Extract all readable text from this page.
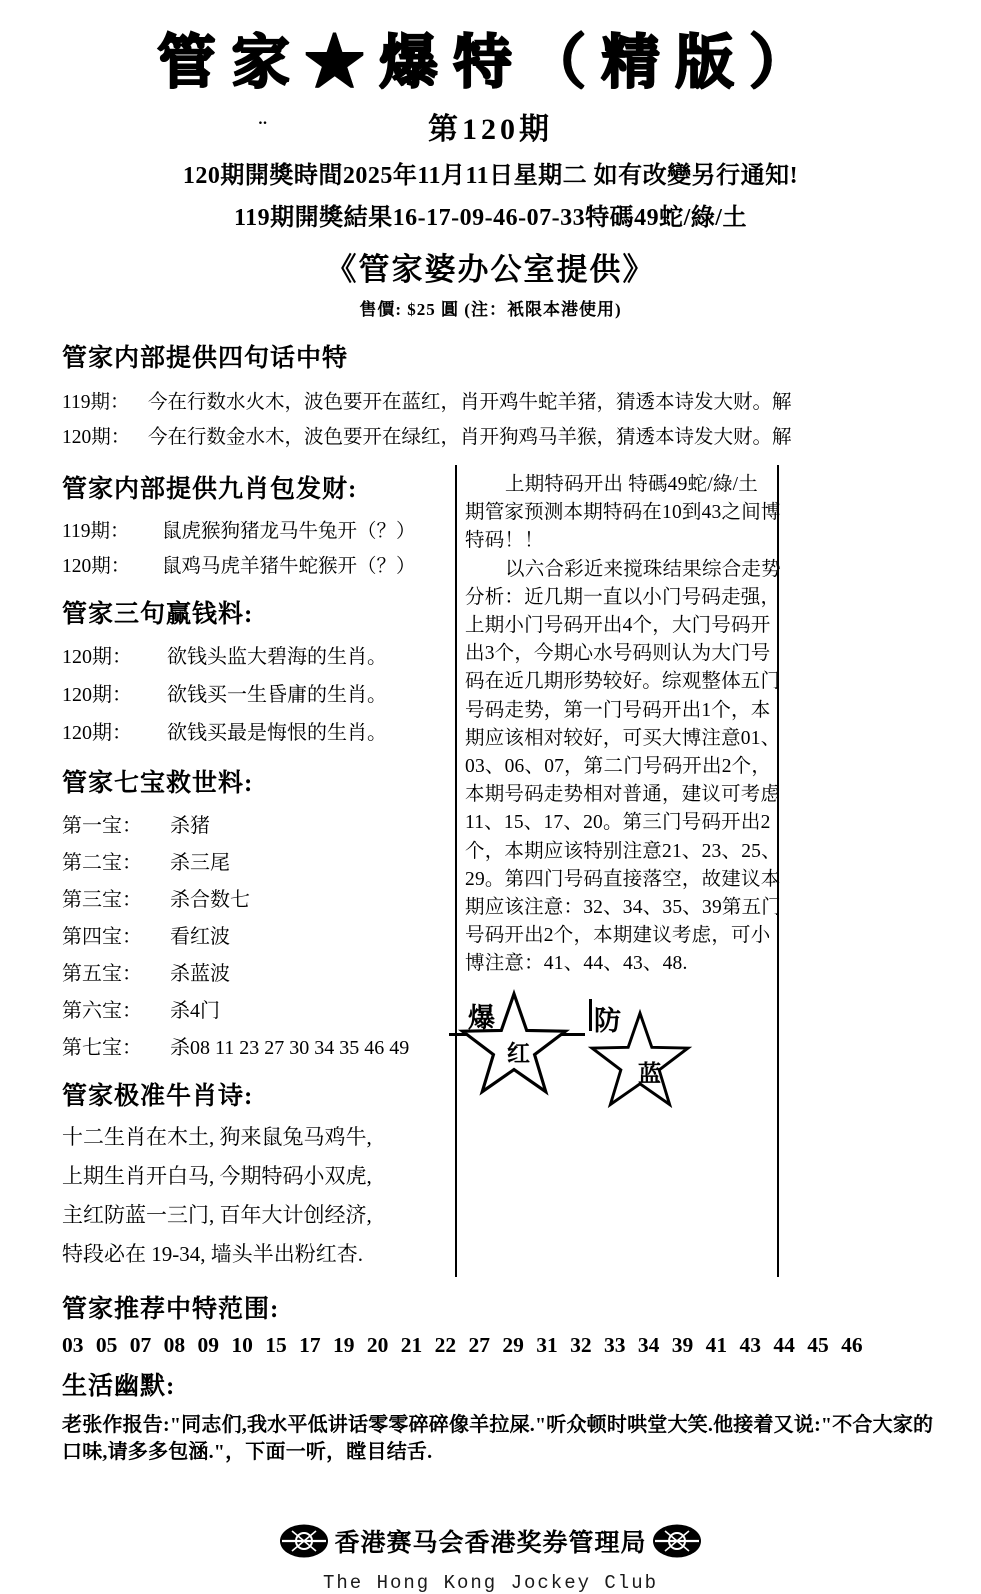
管家★爆特（精版）
‥	第120期
120期開獎時間2025年11月11日星期二 如有改變另行通知!
119期開獎結果16-17-09-46-07-33特碼49蛇/綠/土
《管家婆办公室提供》
售價: $25 圓 (注：衹限本港使用)
管家内部提供四句话中特
119期： 今在行数水火木，波色要开在蓝红，肖开鸡牛蛇羊猪，猜透本诗发大财。解
120期： 今在行数金水木，波色要开在绿红，肖开狗鸡马羊猴，猜透本诗发大财。解
管家内部提供九肖包发财:
119期：	鼠虎猴狗猪龙马牛兔开（？）
120期：	鼠鸡马虎羊猪牛蛇猴开（？）
管家三句赢钱料:
120期：	欲钱头监大碧海的生肖。
120期：	欲钱买一生昏庸的生肖。
120期：	欲钱买最是悔恨的生肖。
管家七宝救世料:
第一宝：	杀猪
第二宝：	杀三尾
第三宝：	杀合数七
第四宝：	看红波
第五宝：	杀蓝波
第六宝：	杀4门
第七宝：	杀08 11 23 27 30 34 35 46 49
管家极准牛肖诗:
十二生肖在木土, 狗来鼠兔马鸡牛,
上期生肖开白马, 今期特码小双虎,
主红防蓝一三门, 百年大计创经济,
特段必在 19-34, 墙头半出粉红杏.
上期特码开出 特碼49蛇/綠/土
期管家预测本期特码在10到43之间博
特码！！
以六合彩近来搅珠结果综合走势
分析：近几期一直以小门号码走强，
上期小门号码开出4个，大门号码开
出3个，今期心水号码则认为大门号
码在近几期形势较好。综观整体五门
号码走势，第一门号码开出1个，本
期应该相对较好，可买大博注意01、
03、06、07，第二门号码开出2个，
本期号码走势相对普通，建议可考虑
11、15、17、20。第三门号码开出2
个，本期应该特别注意21、23、25、
29。第四门号码直接落空，故建议本
期应该注意：32、34、35、39第五门
号码开出2个，本期建议考虑，可小
博注意：41、44、43、48.
爆
红
防
蓝
管家推荐中特范围:
03 05 07 08 09 10 15 17 19 20 21 22 27 29 31 32 33 34 39 41 43 44 45 46
生活幽默:
老张作报告:"同志们,我水平低讲话零零碎碎像羊拉屎."听众顿时哄堂大笑.他接着又说:"不合大家的口味,请多多包涵."，下面一听，瞠目结舌.
香港赛马会香港奖券管理局
The Hong Kong Jockey Club
